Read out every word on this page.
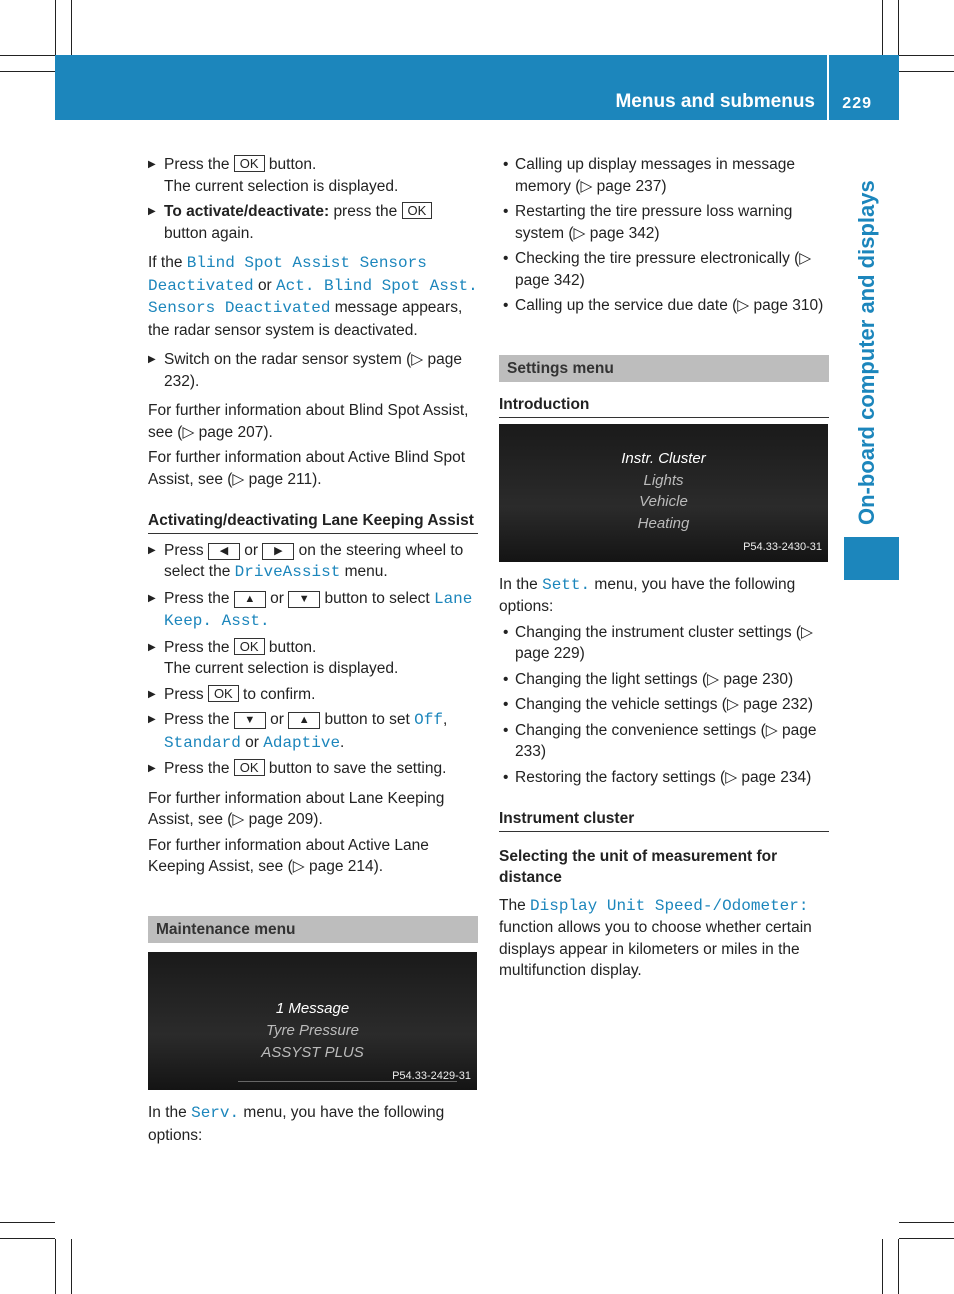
Menus and submenus 229
On-board computer and displays
▶ Press the OK button.
The current selection is displayed.
▶ To activate/deactivate: press the OK button again.

If the Blind Spot Assist Sensors Deactivated or Act. Blind Spot Asst. Sensors Deactivated message appears, the radar sensor system is deactivated.

▶ Switch on the radar sensor system (▷ page 232).

For further information about Blind Spot Assist, see (▷ page 207).

For further information about Active Blind Spot Assist, see (▷ page 211).

Activating/deactivating Lane Keeping Assist
▶ Press ◀ or ▶ on the steering wheel to select the DriveAssist menu.
▶ Press the ▲ or ▼ button to select Lane Keep. Asst.
▶ Press the OK button.
The current selection is displayed.
▶ Press OK to confirm.
▶ Press the ▼ or ▲ button to set Off, Standard or Adaptive.
▶ Press the OK button to save the setting.

For further information about Lane Keeping Assist, see (▷ page 209).

For further information about Active Lane Keeping Assist, see (▷ page 214).

Maintenance menu
1 Message
Tyre Pressure
ASSYST PLUS
P54.33-2429-31

In the Serv. menu, you have the following options:

• Calling up display messages in message memory (▷ page 237)
• Restarting the tire pressure loss warning system (▷ page 342)
• Checking the tire pressure electronically (▷ page 342)
• Calling up the service due date (▷ page 310)
Settings menu
Introduction
Instr. Cluster
Lights
Vehicle
Heating
P54.33-2430-31

In the Sett. menu, you have the following options:

• Changing the instrument cluster settings (▷ page 229)
• Changing the light settings (▷ page 230)
• Changing the vehicle settings (▷ page 232)
• Changing the convenience settings (▷ page 233)
• Restoring the factory settings (▷ page 234)
Instrument cluster
Selecting the unit of measurement for distance

The Display Unit Speed-/Odometer: function allows you to choose whether certain displays appear in kilometers or miles in the multifunction display.
